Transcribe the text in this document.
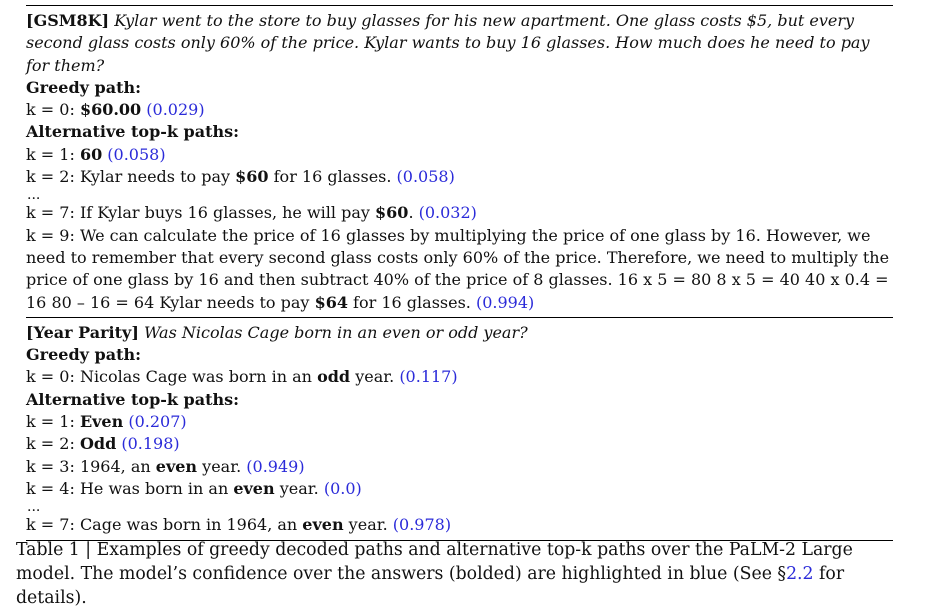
[GSM8K] Kylar went to the store to buy glasses for his new apartment. One glass costs $5, but every second glass costs only 60% of the price. Kylar wants to buy 16 glasses. How much does he need to pay for them?
Greedy path:
k = 0: $60.00 (0.029)
Alternative top-k paths:
k = 1: 60 (0.058)
k = 2: Kylar needs to pay $60 for 16 glasses. (0.058)
...
k = 7: If Kylar buys 16 glasses, he will pay $60. (0.032)
k = 9: We can calculate the price of 16 glasses by multiplying the price of one glass by 16. However, we need to remember that every second glass costs only 60% of the price. Therefore, we need to multiply the price of one glass by 16 and then subtract 40% of the price of 8 glasses. 16 x 5 = 80 8 x 5 = 40 40 x 0.4 = 16 80 – 16 = 64 Kylar needs to pay $64 for 16 glasses. (0.994)
[Year Parity] Was Nicolas Cage born in an even or odd year?
Greedy path:
k = 0: Nicolas Cage was born in an odd year. (0.117)
Alternative top-k paths:
k = 1: Even (0.207)
k = 2: Odd (0.198)
k = 3: 1964, an even year. (0.949)
k = 4: He was born in an even year. (0.0)
...
k = 7: Cage was born in 1964, an even year. (0.978)
Table 1 | Examples of greedy decoded paths and alternative top-k paths over the PaLM-2 Large model. The model’s confidence over the answers (bolded) are highlighted in blue (See §2.2 for details).
